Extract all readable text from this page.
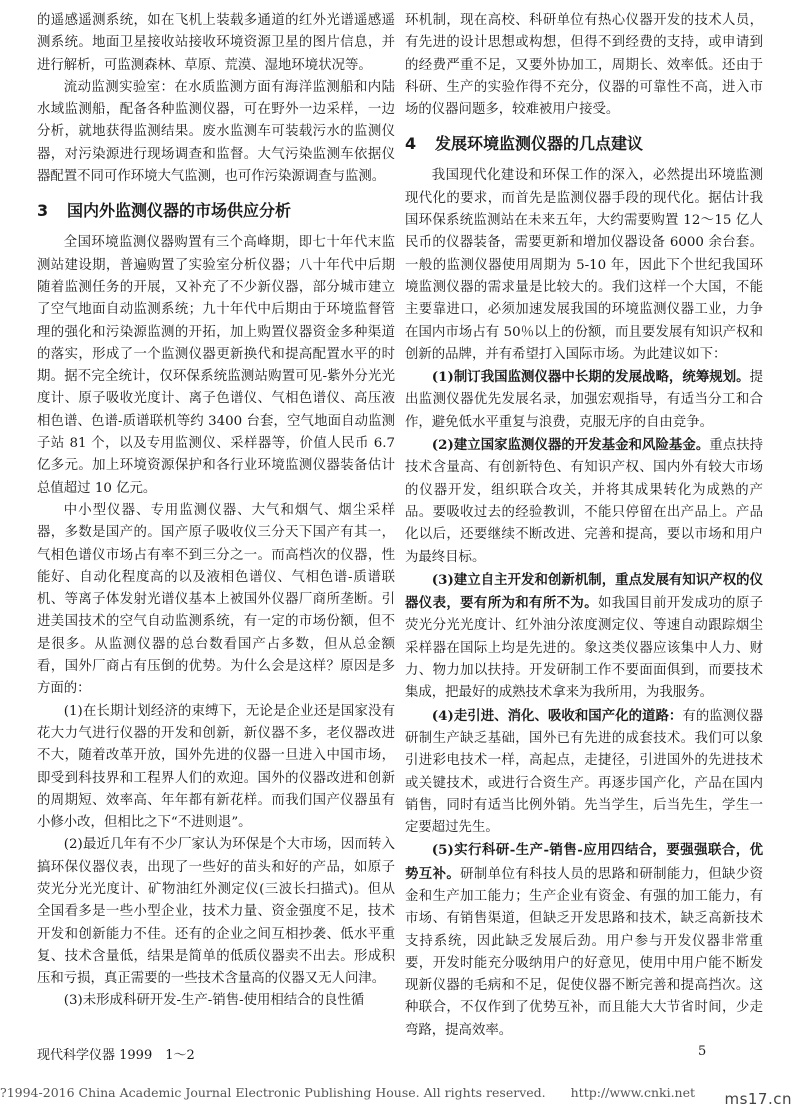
的遥感遥测系统，如在飞机上装载多通道的红外光谱遥感遥测系统。地面卫星接收站接收环境资源卫星的图片信息，并进行解析，可监测森林、草原、荒漠、湿地环境状况等。

流动监测实验室：在水质监测方面有海洋监测船和内陆水域监测船，配备各种监测仪器，可在野外一边采样，一边分析，就地获得监测结果。废水监测车可装载污水的监测仪器，对污染源进行现场调查和监督。大气污染监测车依据仪器配置不同可作环境大气监测，也可作污染源调查与监测。

3 国内外监测仪器的市场供应分析

全国环境监测仪器购置有三个高峰期，即七十年代末监测站建设期，普遍购置了实验室分析仪器；八十年代中后期随着监测任务的开展，又补充了不少新仪器，部分城市建立了空气地面自动监测系统；九十年代中后期由于环境监督管理的强化和污染源监测的开拓，加上购置仪器资金多种渠道的落实，形成了一个监测仪器更新换代和提高配置水平的时期。据不完全统计，仅环保系统监测站购置可见-紫外分光光度计、原子吸收光度计、离子色谱仪、气相色谱仪、高压液相色谱、色谱-质谱联机等约 3400 台套，空气地面自动监测子站 81 个，以及专用监测仪、采样器等，价值人民币 6.7 亿多元。加上环境资源保护和各行业环境监测仪器装备估计总值超过 10 亿元。

中小型仪器、专用监测仪器、大气和烟气、烟尘采样器，多数是国产的。国产原子吸收仪三分天下国产有其一，气相色谱仪市场占有率不到三分之一。而高档次的仪器，性能好、自动化程度高的以及液相色谱仪、气相色谱-质谱联机、等离子体发射光谱仪基本上被国外仪器厂商所垄断。引进美国技术的空气自动监测系统，有一定的市场份额，但不是很多。从监测仪器的总台数看国产占多数，但从总金额看，国外厂商占有压倒的优势。为什么会是这样？原因是多方面的：

(1)在长期计划经济的束缚下，无论是企业还是国家没有花大力气进行仪器的开发和创新，新仪器不多，老仪器改进不大，随着改革开放，国外先进的仪器一旦进入中国市场，即受到科技界和工程界人们的欢迎。国外的仪器改进和创新的周期短、效率高、年年都有新花样。而我们国产仪器虽有小修小改，但相比之下“不进则退”。

(2)最近几年有不少厂家认为环保是个大市场，因而转入搞环保仪器仪表，出现了一些好的苗头和好的产品，如原子荧光分光光度计、矿物油红外测定仪(三波长扫描式)。但从全国看多是一些小型企业，技术力量、资金强度不足，技术开发和创新能力不佳。还有的企业之间互相抄袭、低水平重复、技术含量低，结果是简单的低质仪器卖不出去。形成积压和亏损，真正需要的一些技术含量高的仪器又无人问津。

(3)未形成科研开发-生产-销售-使用相结合的良性循

环机制，现在高校、科研单位有热心仪器开发的技术人员，有先进的设计思想或构想，但得不到经费的支持，或申请到的经费严重不足，又要外协加工，周期长、效率低。还由于科研、生产的实验作得不充分，仪器的可靠性不高，进入市场的仪器问题多，较难被用户接受。

4 发展环境监测仪器的几点建议

我国现代化建设和环保工作的深入，必然提出环境监测现代化的要求，而首先是监测仪器手段的现代化。据估计我国环保系统监测站在未来五年，大约需要购置 12～15 亿人民币的仪器装备，需要更新和增加仪器设备 6000 余台套。一般的监测仪器使用周期为 5-10 年，因此下个世纪我国环境监测仪器的需求量是比较大的。我们这样一个大国，不能主要靠进口，必须加速发展我国的环境监测仪器工业，力争在国内市场占有 50％以上的份额，而且要发展有知识产权和创新的品牌，并有希望打入国际市场。为此建议如下：

(1)制订我国监测仪器中长期的发展战略，统筹规划。提出监测仪器优先发展名录，加强宏观指导，有适当分工和合作，避免低水平重复与浪费，克服无序的自由竞争。

(2)建立国家监测仪器的开发基金和风险基金。重点扶持技术含量高、有创新特色、有知识产权、国内外有较大市场的仪器开发，组织联合攻关，并将其成果转化为成熟的产品。要吸收过去的经验教训，不能只停留在出产品上。产品化以后，还要继续不断改进、完善和提高，要以市场和用户为最终目标。

(3)建立自主开发和创新机制，重点发展有知识产权的仪器仪表，要有所为和有所不为。如我国目前开发成功的原子荧光分光光度计、红外油分浓度测定仪、等速自动跟踪烟尘采样器在国际上均是先进的。象这类仪器应该集中人力、财力、物力加以扶持。开发研制工作不要面面俱到，而要技术集成，把最好的成熟技术拿来为我所用，为我服务。

(4)走引进、消化、吸收和国产化的道路：有的监测仪器研制生产缺乏基础，国外已有先进的成套技术。我们可以象引进彩电技术一样，高起点，走捷径，引进国外的先进技术或关键技术，或进行合资生产。再逐步国产化，产品在国内销售，同时有适当比例外销。先当学生，后当先生，学生一定要超过先生。

(5)实行科研-生产-销售-应用四结合，要强强联合，优势互补。研制单位有科技人员的思路和研制能力，但缺少资金和生产加工能力；生产企业有资金、有强的加工能力，有市场、有销售渠道，但缺乏开发思路和技术，缺乏高新技术支持系统，因此缺乏发展后劲。用户参与开发仪器非常重要，开发时能充分吸纳用户的好意见，使用中用户能不断发现新仪器的毛病和不足，促使仪器不断完善和提高挡次。这种联合，不仅作到了优势互补，而且能大大节省时间，少走弯路，提高效率。

现代科学仪器 1999　1～2	5
?1994-2016 China Academic Journal Electronic Publishing House. All rights reserved.　　http://www.cnki.net ms17.cn
